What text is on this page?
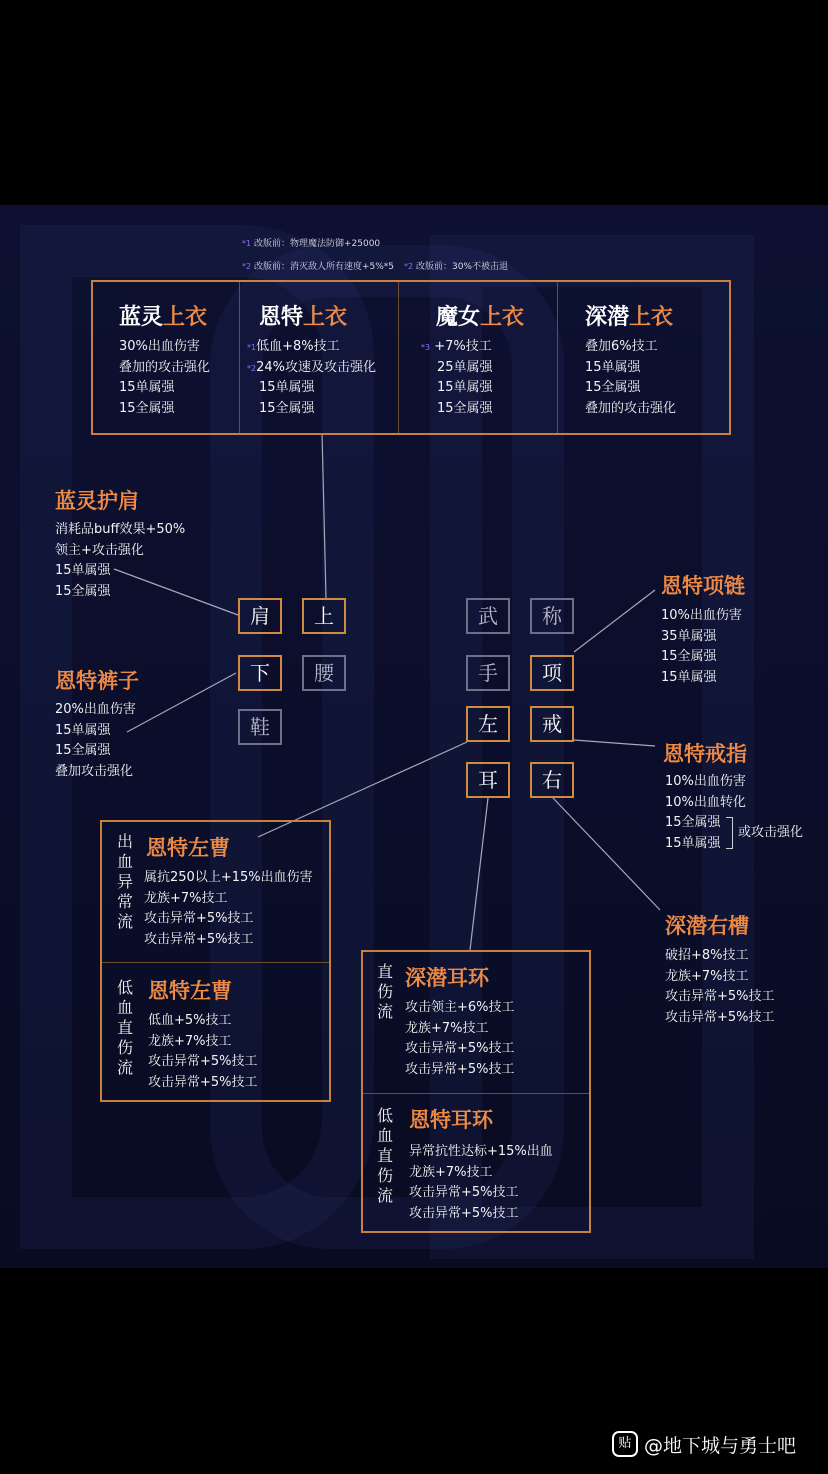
*1 改版前：物理魔法防御+25000
*2 改版前：消灭敌人所有速度+5%*5 *2 改版前：30%不被击退
蓝灵上衣
30%出血伤害
叠加的攻击强化
15单属强
15全属强
恩特上衣
*1低血+8%技工
*224%攻速及攻击强化
15单属强
15全属强
魔女上衣
*3 +7%技工
25单属强
15单属强
15全属强
深潜上衣
叠加6%技工
15单属强
15全属强
叠加的攻击强化
蓝灵护肩
消耗品buff效果+50%
领主+攻击强化
15单属强
15全属强
恩特裤子
20%出血伤害
15单属强
15全属强
叠加攻击强化
恩特项链
10%出血伤害
35单属强
15全属强
15单属强
恩特戒指
10%出血伤害
10%出血转化
15全属强
15单属强
或攻击强化
深潜右槽
破招+8%技工
龙族+7%技工
攻击异常+5%技工
攻击异常+5%技工
肩	上
下	腰
鞋
武	称
手	项
左	戒
耳	右
出血异常流
恩特左曹
属抗250以上+15%出血伤害
龙族+7%技工
攻击异常+5%技工
攻击异常+5%技工
低血直伤流
恩特左曹
低血+5%技工
龙族+7%技工
攻击异常+5%技工
攻击异常+5%技工
直伤流
深潜耳环
攻击领主+6%技工
龙族+7%技工
攻击异常+5%技工
攻击异常+5%技工
低血直伤流
恩特耳环
异常抗性达标+15%出血
龙族+7%技工
攻击异常+5%技工
攻击异常+5%技工
贴 @地下城与勇士吧
